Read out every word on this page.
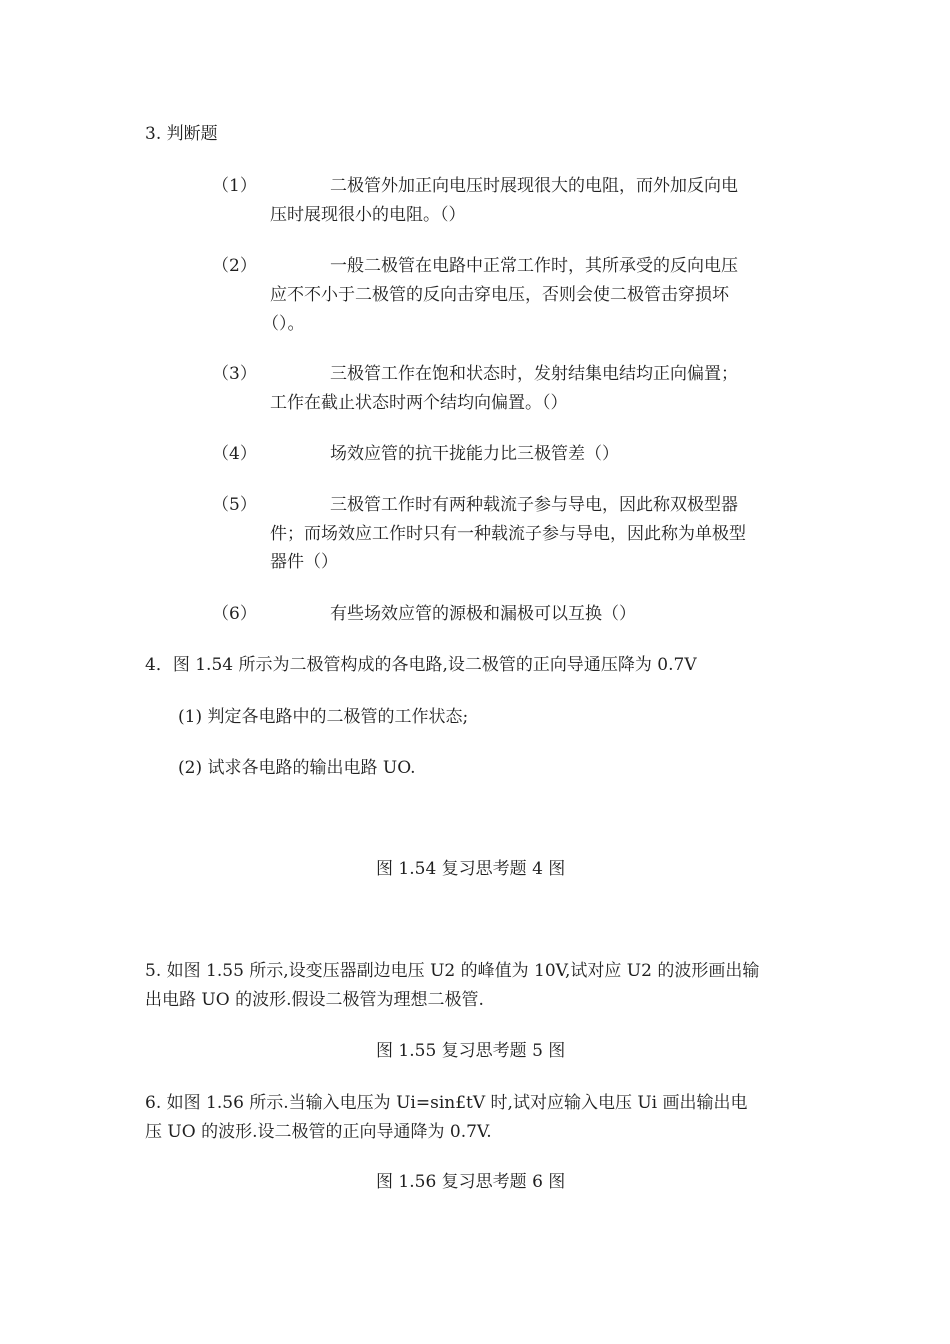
3. 判断题
（1）	二极管外加正向电压时展现很大的电阻，而外加反向电
压时展现很小的电阻。（）
（2）	一般二极管在电路中正常工作时，其所承受的反向电压
应不不小于二极管的反向击穿电压，否则会使二极管击穿损坏
（）。
（3）	三极管工作在饱和状态时，发射结集电结均正向偏置；
工作在截止状态时两个结均向偏置。（）
（4）	场效应管的抗干拢能力比三极管差（）
（5）	三极管工作时有两种载流子参与导电，因此称双极型器
件；而场效应工作时只有一种载流子参与导电，因此称为单极型
器件（）
（6）	有些场效应管的源极和漏极可以互换（）
4．图 1.54 所示为二极管构成的各电路,设二极管的正向导通压降为 0.7V
(1) 判定各电路中的二极管的工作状态;
(2) 试求各电路的输出电路 UO.
图 1.54 复习思考题 4 图
5. 如图 1.55 所示,设变压器副边电压 U2 的峰值为 10V,试对应 U2 的波形画出输
出电路 UO 的波形.假设二极管为理想二极管.
图 1.55 复习思考题 5 图
6. 如图 1.56 所示.当输入电压为 Ui=sin£tV 时,试对应输入电压 Ui 画出输出电
压 UO 的波形.设二极管的正向导通降为 0.7V.
图 1.56 复习思考题 6 图
